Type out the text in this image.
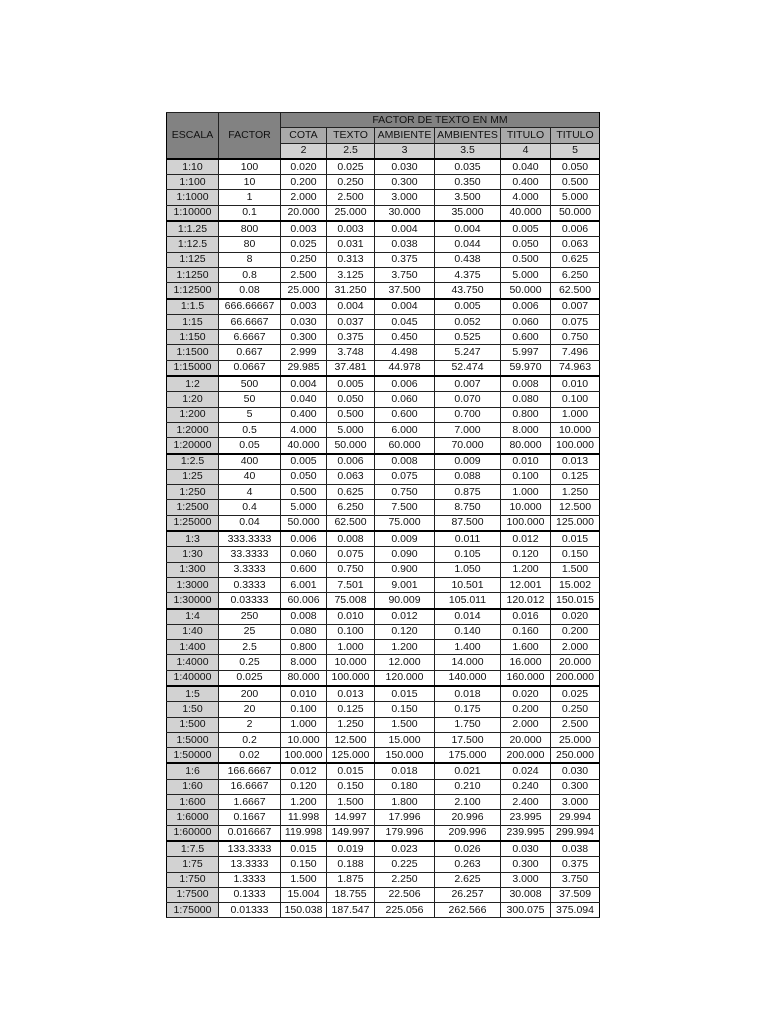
ESCALA	FACTOR	FACTOR DE TEXTO EN MM					
		COTA	TEXTO	AMBIENTE	AMBIENTES	TITULO	TITULO
		2	2.5	3	3.5	4	5
1:10	100	0.020	0.025	0.030	0.035	0.040	0.050
1:100	10	0.200	0.250	0.300	0.350	0.400	0.500
1:1000	1	2.000	2.500	3.000	3.500	4.000	5.000
1:10000	0.1	20.000	25.000	30.000	35.000	40.000	50.000
1:1.25	800	0.003	0.003	0.004	0.004	0.005	0.006
1:12.5	80	0.025	0.031	0.038	0.044	0.050	0.063
1:125	8	0.250	0.313	0.375	0.438	0.500	0.625
1:1250	0.8	2.500	3.125	3.750	4.375	5.000	6.250
1:12500	0.08	25.000	31.250	37.500	43.750	50.000	62.500
1:1.5	666.66667	0.003	0.004	0.004	0.005	0.006	0.007
1:15	66.6667	0.030	0.037	0.045	0.052	0.060	0.075
1:150	6.6667	0.300	0.375	0.450	0.525	0.600	0.750
1:1500	0.667	2.999	3.748	4.498	5.247	5.997	7.496
1:15000	0.0667	29.985	37.481	44.978	52.474	59.970	74.963
1:2	500	0.004	0.005	0.006	0.007	0.008	0.010
1:20	50	0.040	0.050	0.060	0.070	0.080	0.100
1:200	5	0.400	0.500	0.600	0.700	0.800	1.000
1:2000	0.5	4.000	5.000	6.000	7.000	8.000	10.000
1:20000	0.05	40.000	50.000	60.000	70.000	80.000	100.000
1:2.5	400	0.005	0.006	0.008	0.009	0.010	0.013
1:25	40	0.050	0.063	0.075	0.088	0.100	0.125
1:250	4	0.500	0.625	0.750	0.875	1.000	1.250
1:2500	0.4	5.000	6.250	7.500	8.750	10.000	12.500
1:25000	0.04	50.000	62.500	75.000	87.500	100.000	125.000
1:3	333.3333	0.006	0.008	0.009	0.011	0.012	0.015
1:30	33.3333	0.060	0.075	0.090	0.105	0.120	0.150
1:300	3.3333	0.600	0.750	0.900	1.050	1.200	1.500
1:3000	0.3333	6.001	7.501	9.001	10.501	12.001	15.002
1:30000	0.03333	60.006	75.008	90.009	105.011	120.012	150.015
1:4	250	0.008	0.010	0.012	0.014	0.016	0.020
1:40	25	0.080	0.100	0.120	0.140	0.160	0.200
1:400	2.5	0.800	1.000	1.200	1.400	1.600	2.000
1:4000	0.25	8.000	10.000	12.000	14.000	16.000	20.000
1:40000	0.025	80.000	100.000	120.000	140.000	160.000	200.000
1:5	200	0.010	0.013	0.015	0.018	0.020	0.025
1:50	20	0.100	0.125	0.150	0.175	0.200	0.250
1:500	2	1.000	1.250	1.500	1.750	2.000	2.500
1:5000	0.2	10.000	12.500	15.000	17.500	20.000	25.000
1:50000	0.02	100.000	125.000	150.000	175.000	200.000	250.000
1:6	166.6667	0.012	0.015	0.018	0.021	0.024	0.030
1:60	16.6667	0.120	0.150	0.180	0.210	0.240	0.300
1:600	1.6667	1.200	1.500	1.800	2.100	2.400	3.000
1:6000	0.1667	11.998	14.997	17.996	20.996	23.995	29.994
1:60000	0.016667	119.998	149.997	179.996	209.996	239.995	299.994
1:7.5	133.3333	0.015	0.019	0.023	0.026	0.030	0.038
1:75	13.3333	0.150	0.188	0.225	0.263	0.300	0.375
1:750	1.3333	1.500	1.875	2.250	2.625	3.000	3.750
1:7500	0.1333	15.004	18.755	22.506	26.257	30.008	37.509
1:75000	0.01333	150.038	187.547	225.056	262.566	300.075	375.094
